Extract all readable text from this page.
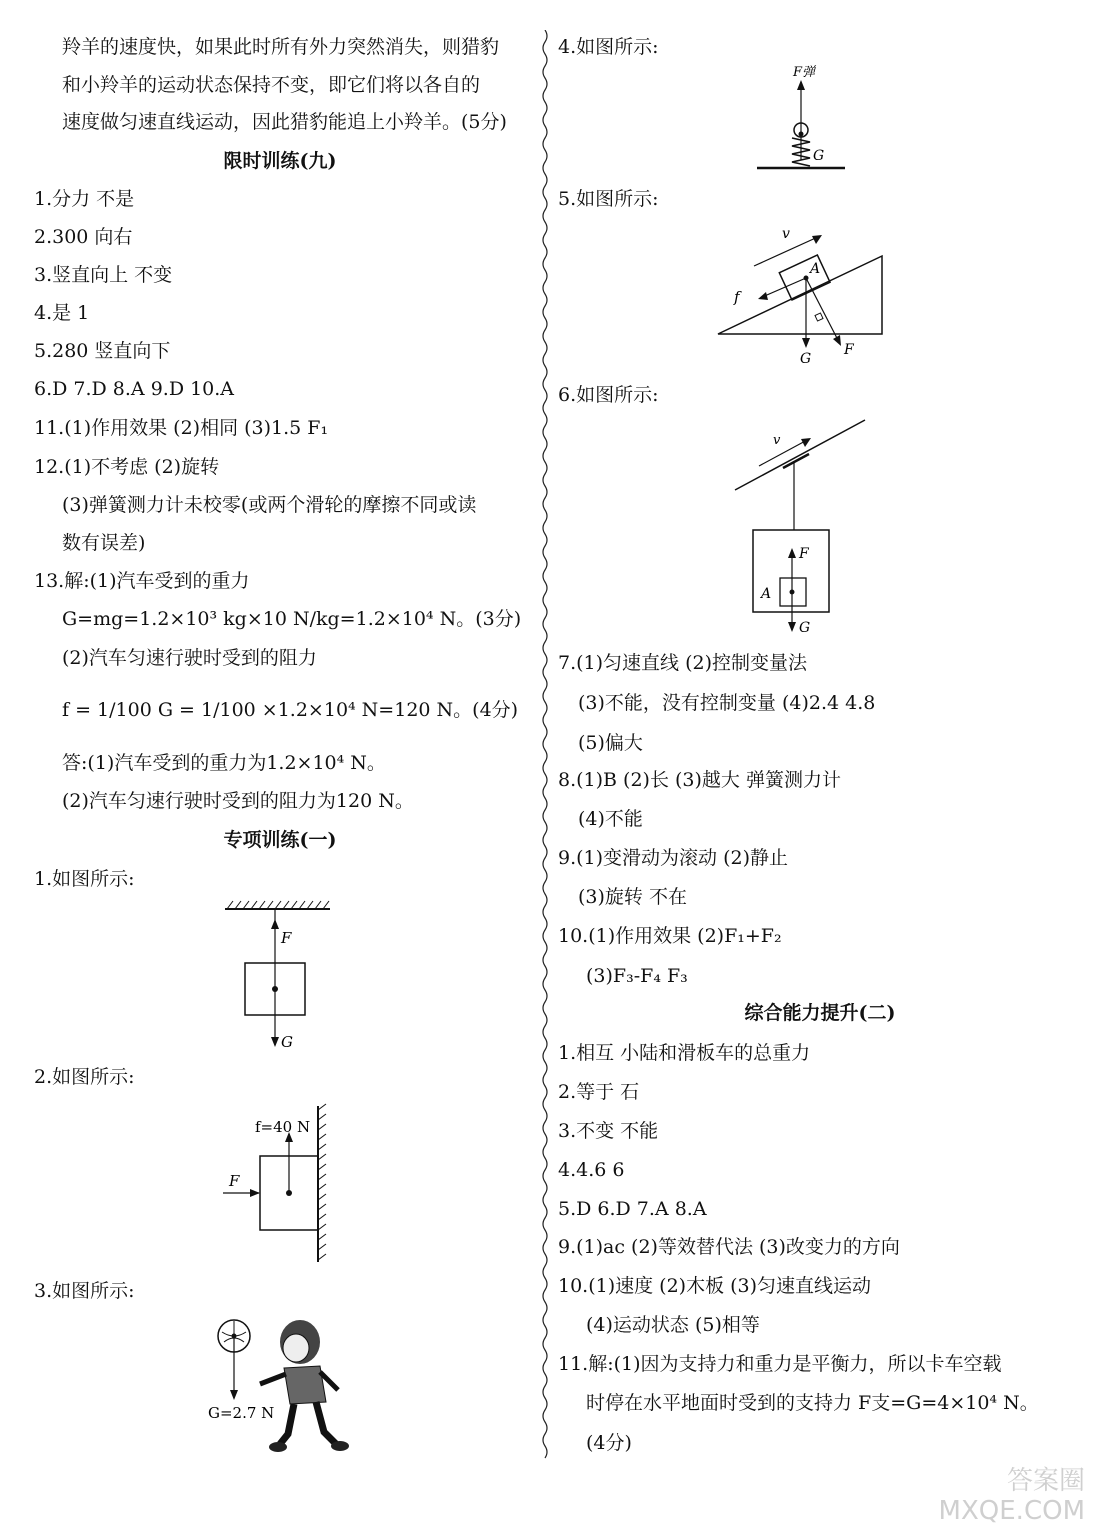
羚羊的速度快，如果此时所有外力突然消失，则猎豹
和小羚羊的运动状态保持不变，即它们将以各自的
速度做匀速直线运动，因此猎豹能追上小羚羊。(5分)
限时训练(九)
1.分力 不是
2.300 向右
3.竖直向上 不变
4.是 1
5.280 竖直向下
6.D 7.D 8.A 9.D 10.A
11.(1)作用效果 (2)相同 (3)1.5 F₁
12.(1)不考虑 (2)旋转
(3)弹簧测力计未校零(或两个滑轮的摩擦不同或读
数有误差)
13.解:(1)汽车受到的重力
G=mg=1.2×10³ kg×10 N/kg=1.2×10⁴ N。(3分)
(2)汽车匀速行驶时受到的阻力
f = 1/100 G = 1/100 ×1.2×10⁴ N=120 N。(4分)
答:(1)汽车受到的重力为1.2×10⁴ N。
(2)汽车匀速行驶时受到的阻力为120 N。
专项训练(一)
1.如图所示:
F
G
2.如图所示:
f=40 N
F
3.如图所示:
G=2.7 N
4.如图所示:
F弹
G
5.如图所示:
v
A
f
G
F
6.如图所示:
v
F
A
G
7.(1)匀速直线 (2)控制变量法
(3)不能，没有控制变量 (4)2.4 4.8
(5)偏大
8.(1)B (2)长 (3)越大 弹簧测力计
(4)不能
9.(1)变滑动为滚动 (2)静止
(3)旋转 不在
10.(1)作用效果 (2)F₁+F₂
(3)F₃-F₄ F₃
综合能力提升(二)
1.相互 小陆和滑板车的总重力
2.等于 石
3.不变 不能
4.4.6 6
5.D 6.D 7.A 8.A
9.(1)ac (2)等效替代法 (3)改变力的方向
10.(1)速度 (2)木板 (3)匀速直线运动
(4)运动状态 (5)相等
11.解:(1)因为支持力和重力是平衡力，所以卡车空载
时停在水平地面时受到的支持力 F支=G=4×10⁴ N。
(4分)
答案圈 MXQE.COM
